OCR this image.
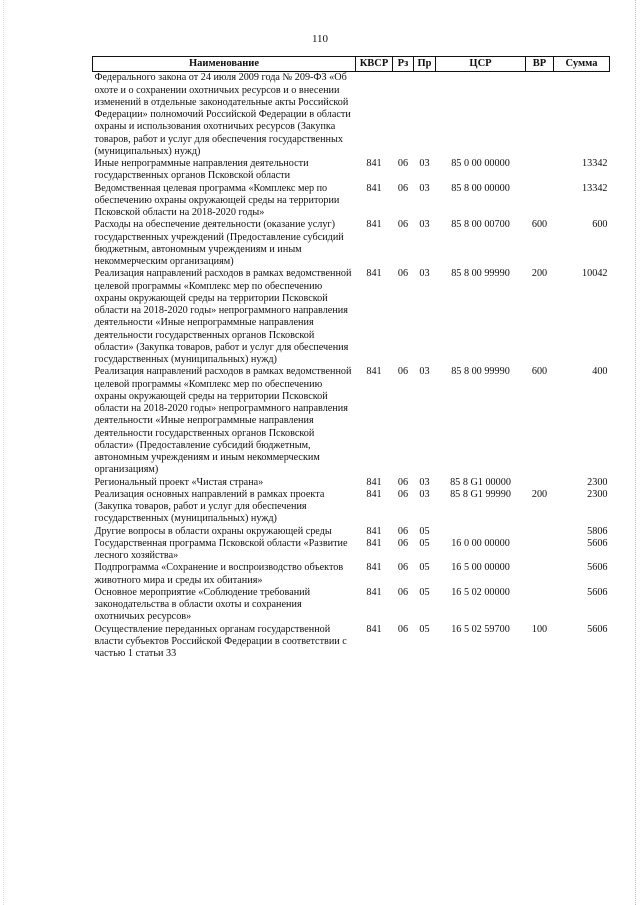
110
Наименование	КВСР	Рз	Пр	ЦСР	ВР	Сумма
Федерального закона от 24 июля 2009 года № 209-ФЗ «Об охоте и о сохранении охотничьих ресурсов и о внесении изменений в отдельные законодательные акты Российской Федерации» полномочий Российской Федерации в области охраны и использования охотничьих ресурсов (Закупка товаров, работ и услуг для обеспечения государственных (муниципальных) нужд)						
Иные непрограммные направления деятельности государственных органов Псковской области	841	06	03	85 0 00 00000		13342
Ведомственная целевая программа «Комплекс мер по обеспечению охраны окружающей среды на территории Псковской области на 2018-2020 годы»	841	06	03	85 8 00 00000		13342
Расходы на обеспечение деятельности (оказание услуг) государственных учреждений (Предоставление субсидий бюджетным, автономным учреждениям и иным некоммерческим организациям)	841	06	03	85 8 00 00700	600	600
Реализация направлений расходов в рамках ведомственной целевой программы «Комплекс мер по обеспечению охраны окружающей среды на территории Псковской области на 2018-2020 годы» непрограммного направления деятельности «Иные непрограммные направления деятельности государственных органов Псковской области» (Закупка товаров, работ и услуг для обеспечения государственных (муниципальных) нужд)	841	06	03	85 8 00 99990	200	10042
Реализация направлений расходов в рамках ведомственной целевой программы «Комплекс мер по обеспечению охраны окружающей среды на территории Псковской области на 2018-2020 годы» непрограммного направления деятельности «Иные непрограммные направления деятельности государственных органов Псковской области» (Предоставление субсидий бюджетным, автономным учреждениям и иным некоммерческим организациям)	841	06	03	85 8 00 99990	600	400
Региональный проект «Чистая страна»	841	06	03	85 8 G1 00000		2300
Реализация основных направлений в рамках проекта (Закупка товаров, работ и услуг для обеспечения государственных (муниципальных) нужд)	841	06	03	85 8 G1 99990	200	2300
Другие вопросы в области охраны окружающей среды	841	06	05			5806
Государственная программа Псковской области «Развитие лесного хозяйства»	841	06	05	16 0 00 00000		5606
Подпрограмма «Сохранение и воспроизводство объектов животного мира и среды их обитания»	841	06	05	16 5 00 00000		5606
Основное мероприятие «Соблюдение требований законодательства в области охоты и сохранения охотничьих ресурсов»	841	06	05	16 5 02 00000		5606
Осуществление переданных органам государственной власти субъектов Российской Федерации в соответствии с частью 1 статьи 33	841	06	05	16 5 02 59700	100	5606
